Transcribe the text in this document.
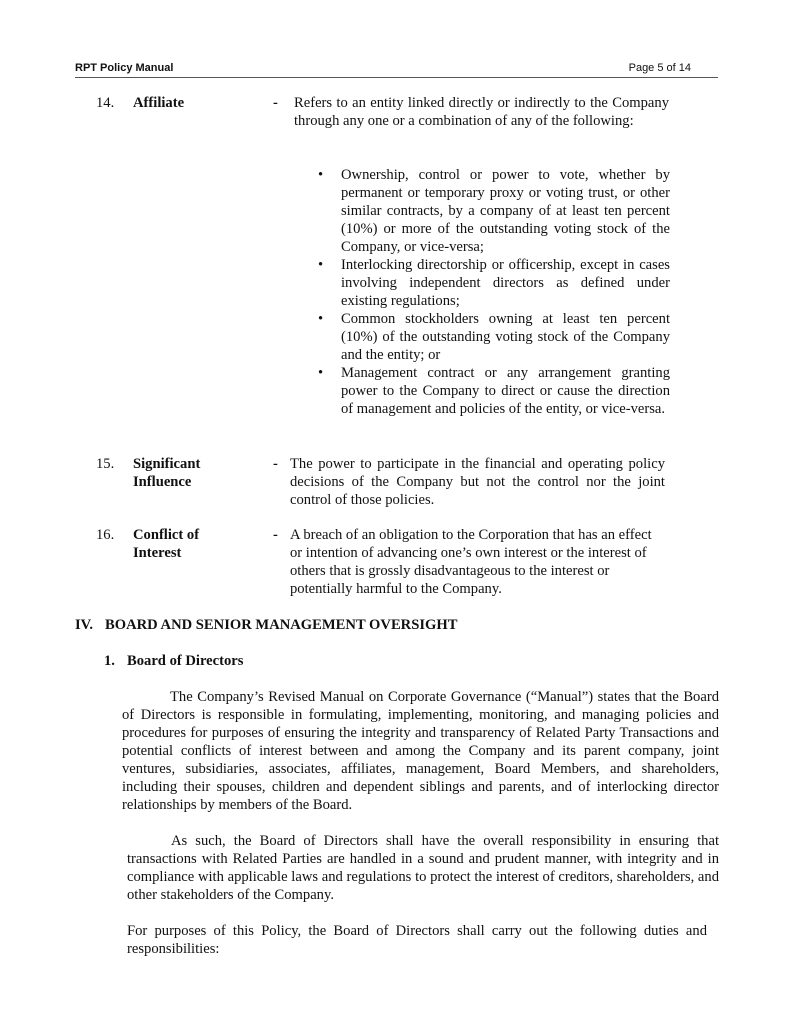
RPT Policy Manual	Page 5 of 14
14. Affiliate	- Refers to an entity linked directly or indirectly to the Company through any one or a combination of any of the following:
• Ownership, control or power to vote, whether by permanent or temporary proxy or voting trust, or other similar contracts, by a company of at least ten percent (10%) or more of the outstanding voting stock of the Company, or vice-versa;
• Interlocking directorship or officership, except in cases involving independent directors as defined under existing regulations;
• Common stockholders owning at least ten percent (10%) of the outstanding voting stock of the Company and the entity; or
• Management contract or any arrangement granting power to the Company to direct or cause the direction of management and policies of the entity, or vice-versa.
15. Significant Influence
- The power to participate in the financial and operating policy decisions of the Company but not the control nor the joint control of those policies.
16. Conflict of Interest
- A breach of an obligation to the Corporation that has an effect or intention of advancing one’s own interest or the interest of others that is grossly disadvantageous to the interest or potentially harmful to the Company.
IV. BOARD AND SENIOR MANAGEMENT OVERSIGHT
1. Board of Directors

The Company’s Revised Manual on Corporate Governance (“Manual”) states that the Board of Directors is responsible in formulating, implementing, monitoring, and managing policies and procedures for purposes of ensuring the integrity and transparency of Related Party Transactions and potential conflicts of interest between and among the Company and its parent company, joint ventures, subsidiaries, associates, affiliates, management, Board Members, and shareholders, including their spouses, children and dependent siblings and parents, and of interlocking director relationships by members of the Board.

As such, the Board of Directors shall have the overall responsibility in ensuring that transactions with Related Parties are handled in a sound and prudent manner, with integrity and in compliance with applicable laws and regulations to protect the interest of creditors, shareholders, and other stakeholders of the Company.

For purposes of this Policy, the Board of Directors shall carry out the following duties and responsibilities:
